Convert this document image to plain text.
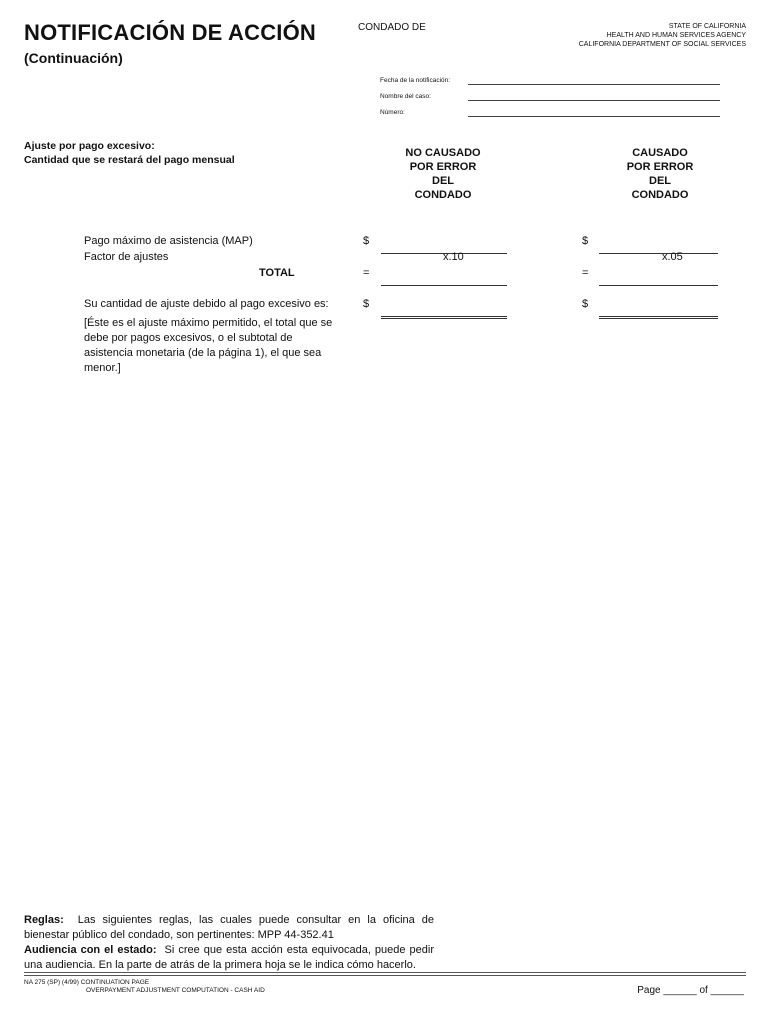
NOTIFICACIÓN DE ACCIÓN
(Continuación)
CONDADO DE	STATE OF CALIFORNIA
HEALTH AND HUMAN SERVICES AGENCY
CALIFORNIA DEPARTMENT OF SOCIAL SERVICES
Fecha de la notificación:
Nombre del caso:
Número:
Ajuste por pago excesivo:
Cantidad que se restará del pago mensual
NO CAUSADO
POR ERROR
DEL
CONDADO
CAUSADO
POR ERROR
DEL
CONDADO
Pago máximo de asistencia (MAP)	$	$
Factor de ajustes	x.10	x.05
TOTAL	=	=
Su cantidad de ajuste debido al pago excesivo es:	$	$
[Éste es el ajuste máximo permitido, el total que se debe por pagos excesivos, o el subtotal de asistencia monetaria (de la página 1), el que sea menor.]
Reglas: Las siguientes reglas, las cuales puede consultar en la oficina de bienestar público del condado, son pertinentes: MPP 44-352.41
Audiencia con el estado: Si cree que esta acción esta equivocada, puede pedir una audiencia. En la parte de atrás de la primera hoja se le indica cómo hacerlo.
NA 275 (SP) (4/99) CONTINUATION PAGE
OVERPAYMENT ADJUSTMENT COMPUTATION - CASH AID	Page ______ of ______
